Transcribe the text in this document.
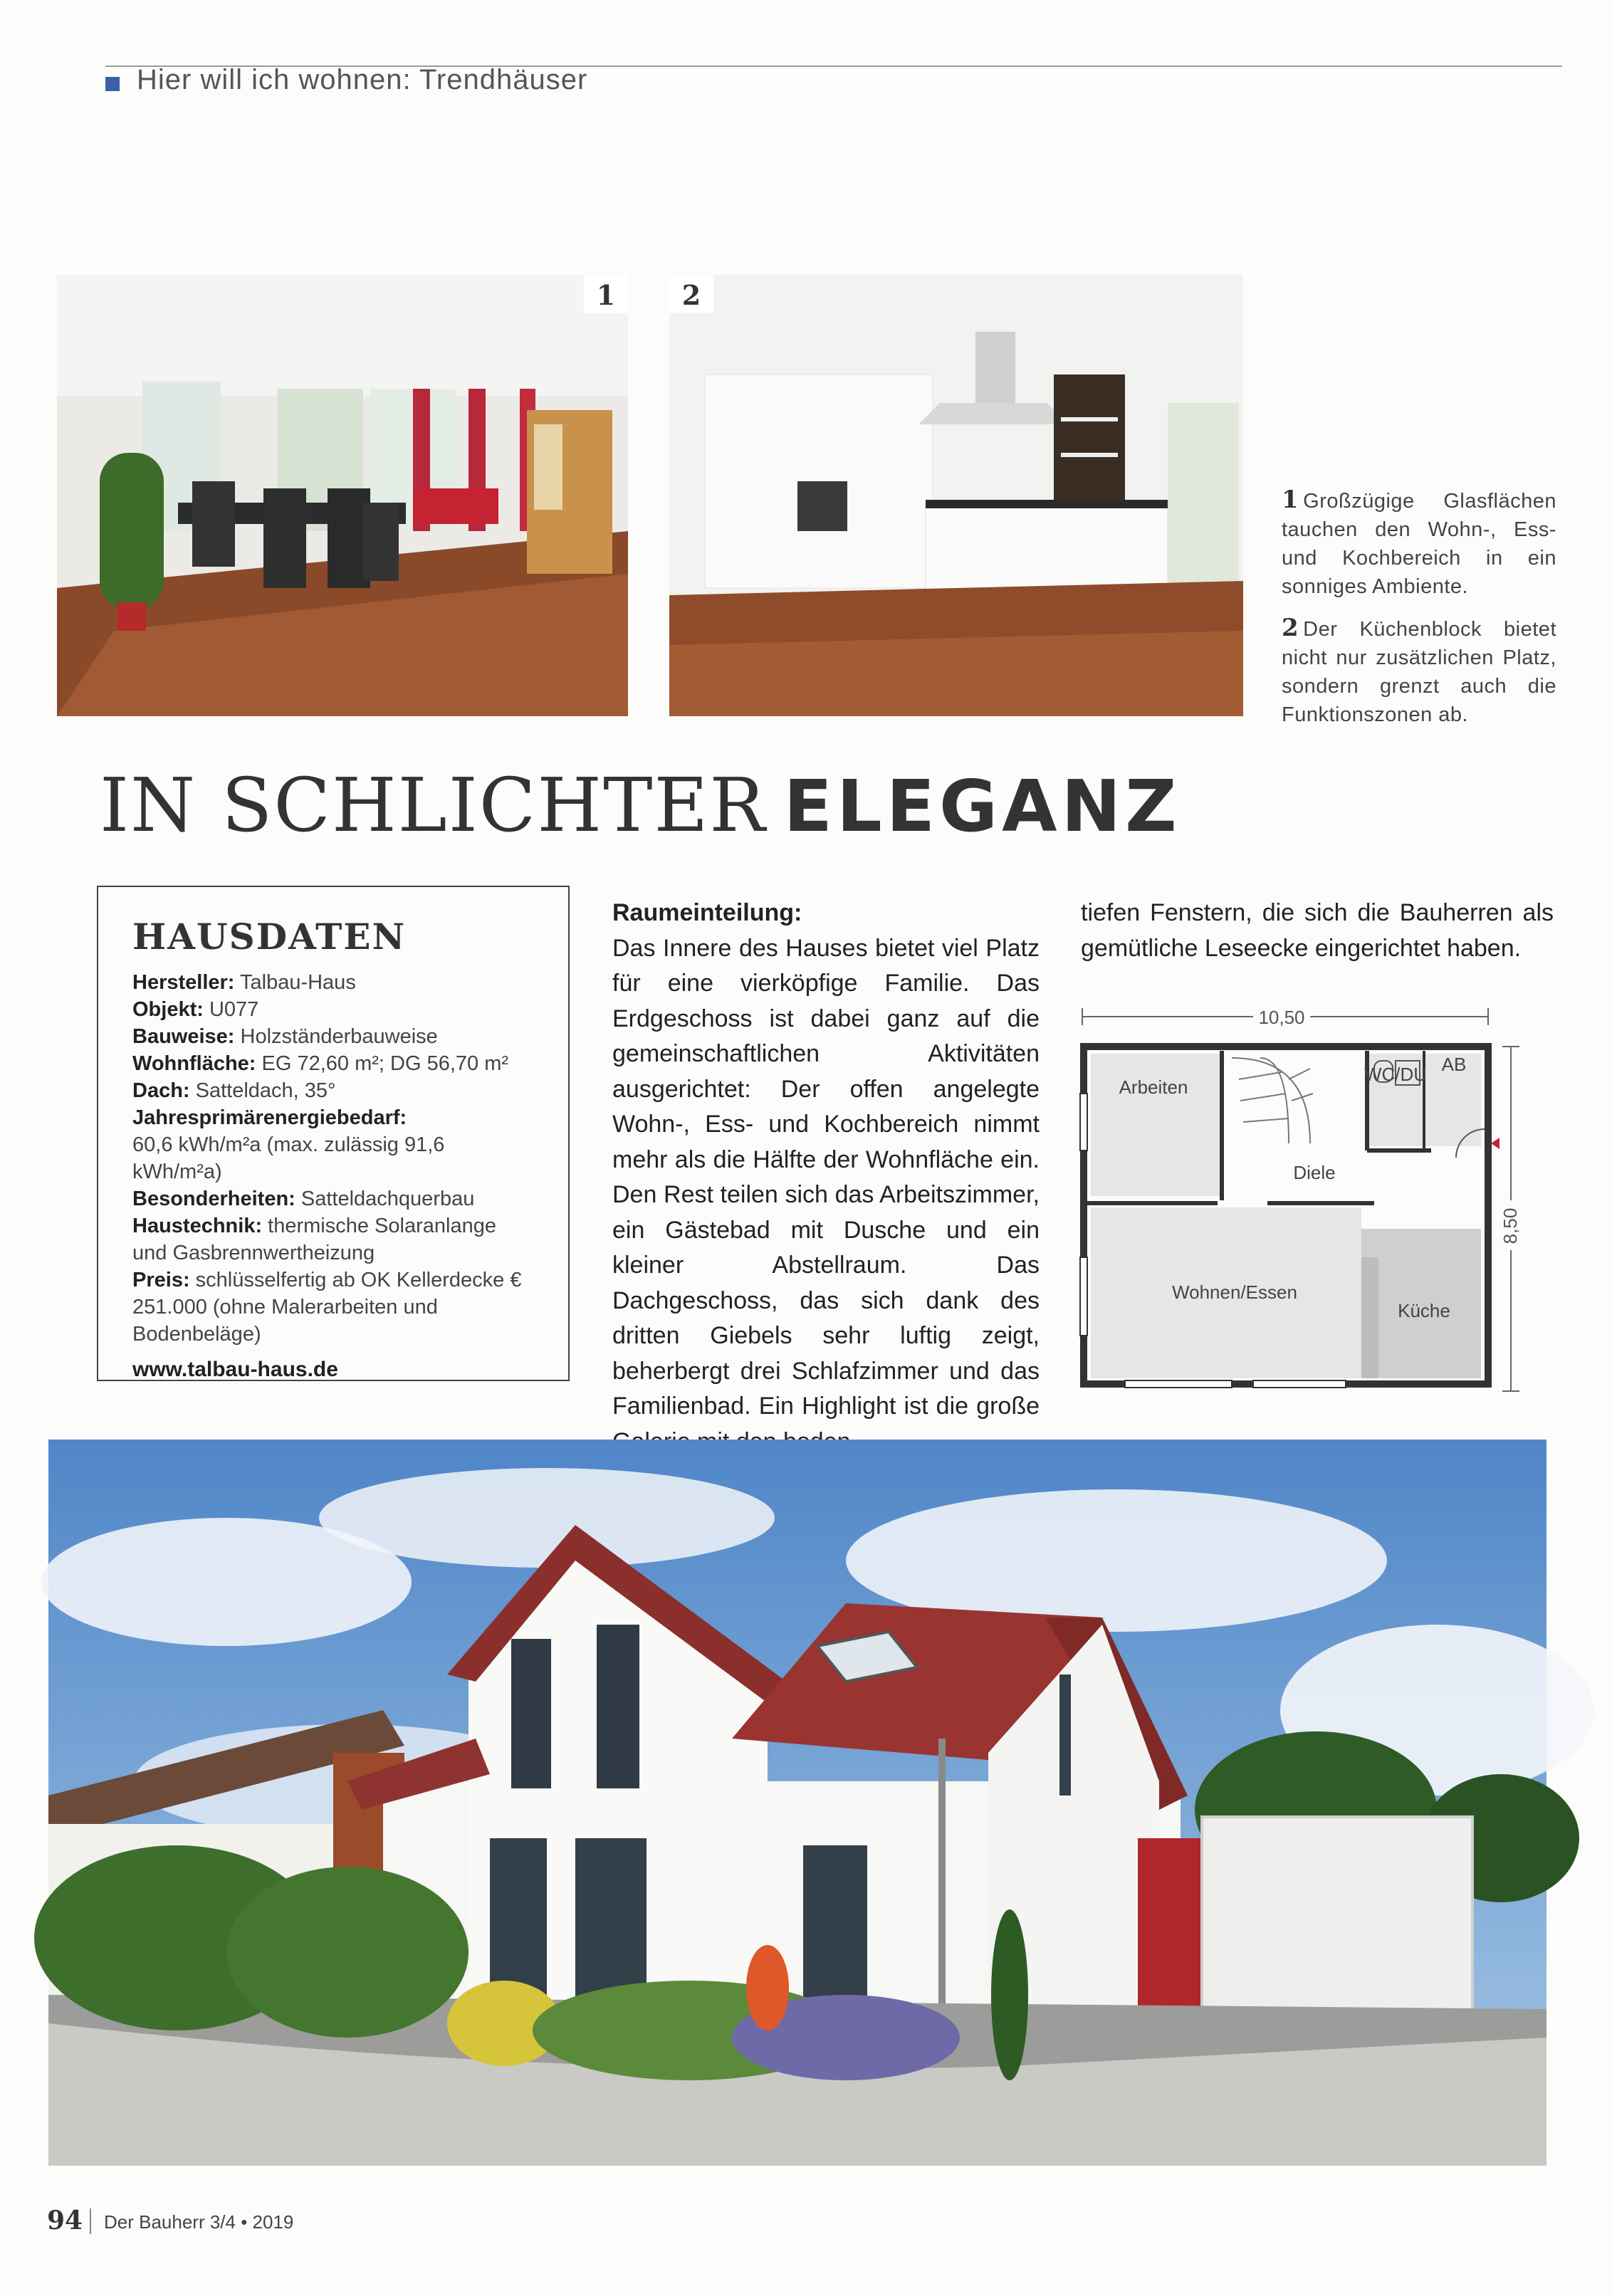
Hier will ich wohnen: Trendhäuser
1	2
1 Großzügige Glasflächen tauchen den Wohn-, Ess- und Kochbereich in ein sonniges Ambiente.
2 Der Küchenblock bietet nicht nur zusätzlichen Platz, sondern grenzt auch die Funktionszonen ab.
IN SCHLICHTER ELEGANZ
HAUSDATEN
Hersteller: Talbau-Haus
Objekt: U077
Bauweise: Holzständerbauweise
Wohnfläche: EG 72,60 m²; DG 56,70 m²
Dach: Satteldach, 35°
Jahresprimärenergiebedarf:
60,6 kWh/m²a (max. zulässig 91,6 kWh/m²a)
Besonderheiten: Satteldachquerbau
Haustechnik: thermische Solaranlange und Gasbrennwertheizung
Preis: schlüsselfertig ab OK Kellerdecke € 251.000 (ohne Malerarbeiten und Bodenbeläge)
www.talbau-haus.de
Raumeinteilung:
Das Innere des Hauses bietet viel Platz für eine vierköpfige Familie. Das Erdgeschoss ist dabei ganz auf die gemeinschaftlichen Aktivitäten ausgerichtet: Der offen angelegte Wohn-, Ess- und Kochbereich nimmt mehr als die Hälfte der Wohnfläche ein. Den Rest teilen sich das Arbeitszimmer, ein Gästebad mit Dusche und ein kleiner Abstellraum. Das Dachgeschoss, das sich dank des dritten Giebels sehr luftig zeigt, beherbergt drei Schlafzimmer und das Familienbad. Ein Highlight ist die große
tiefen Fenstern, die sich die Bauherren als gemütliche Leseecke eingerichtet haben.
10,50
8,50
Arbeiten
WC/DU AB
Diele
Wohnen/Essen
Küche
94 Der Bauherr 3/4 • 2019
